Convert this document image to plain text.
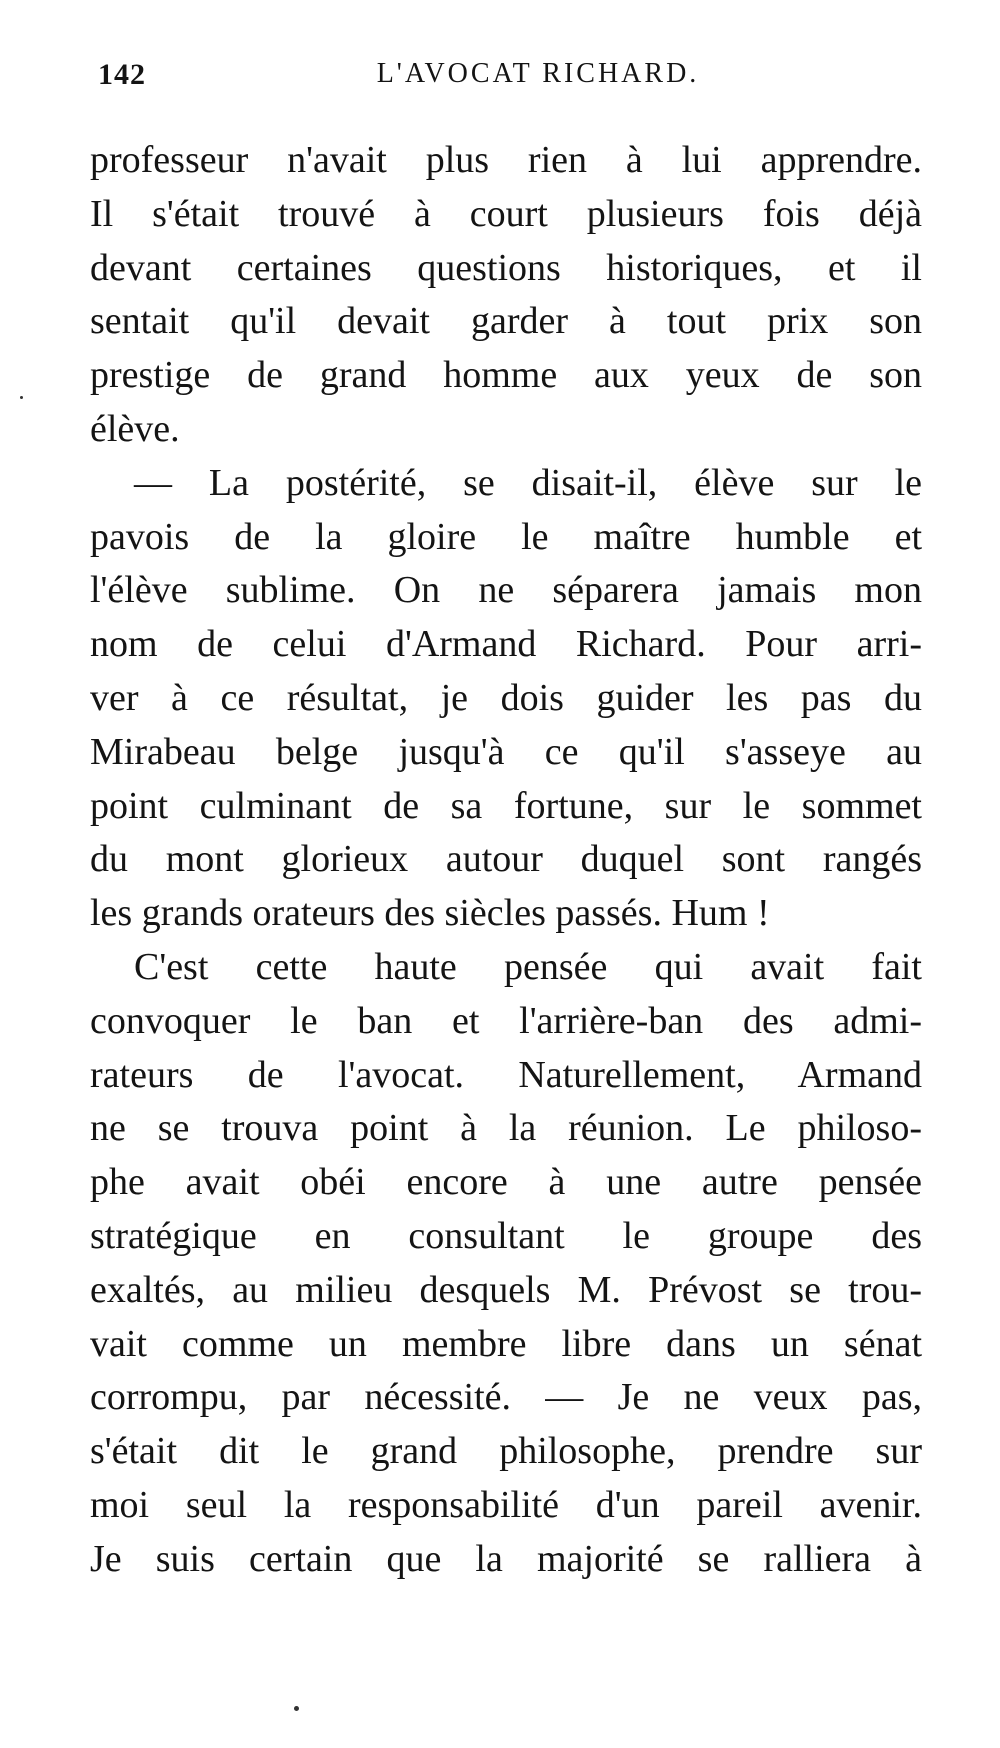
142	L'AVOCAT RICHARD.
professeur n'avait plus rien à lui apprendre.
Il s'était trouvé à court plusieurs fois déjà
devant certaines questions historiques, et il
sentait qu'il devait garder à tout prix son
prestige de grand homme aux yeux de son
élève.
— La postérité, se disait-il, élève sur le
pavois de la gloire le maître humble et
l'élève sublime. On ne séparera jamais mon
nom de celui d'Armand Richard. Pour arri-
ver à ce résultat, je dois guider les pas du
Mirabeau belge jusqu'à ce qu'il s'asseye au
point culminant de sa fortune, sur le sommet
du mont glorieux autour duquel sont rangés
les grands orateurs des siècles passés. Hum !
C'est cette haute pensée qui avait fait
convoquer le ban et l'arrière-ban des admi-
rateurs de l'avocat. Naturellement, Armand
ne se trouva point à la réunion. Le philoso-
phe avait obéi encore à une autre pensée
stratégique en consultant le groupe des
exaltés, au milieu desquels M. Prévost se trou-
vait comme un membre libre dans un sénat
corrompu, par nécessité. — Je ne veux pas,
s'était dit le grand philosophe, prendre sur
moi seul la responsabilité d'un pareil avenir.
Je suis certain que la majorité se ralliera à
